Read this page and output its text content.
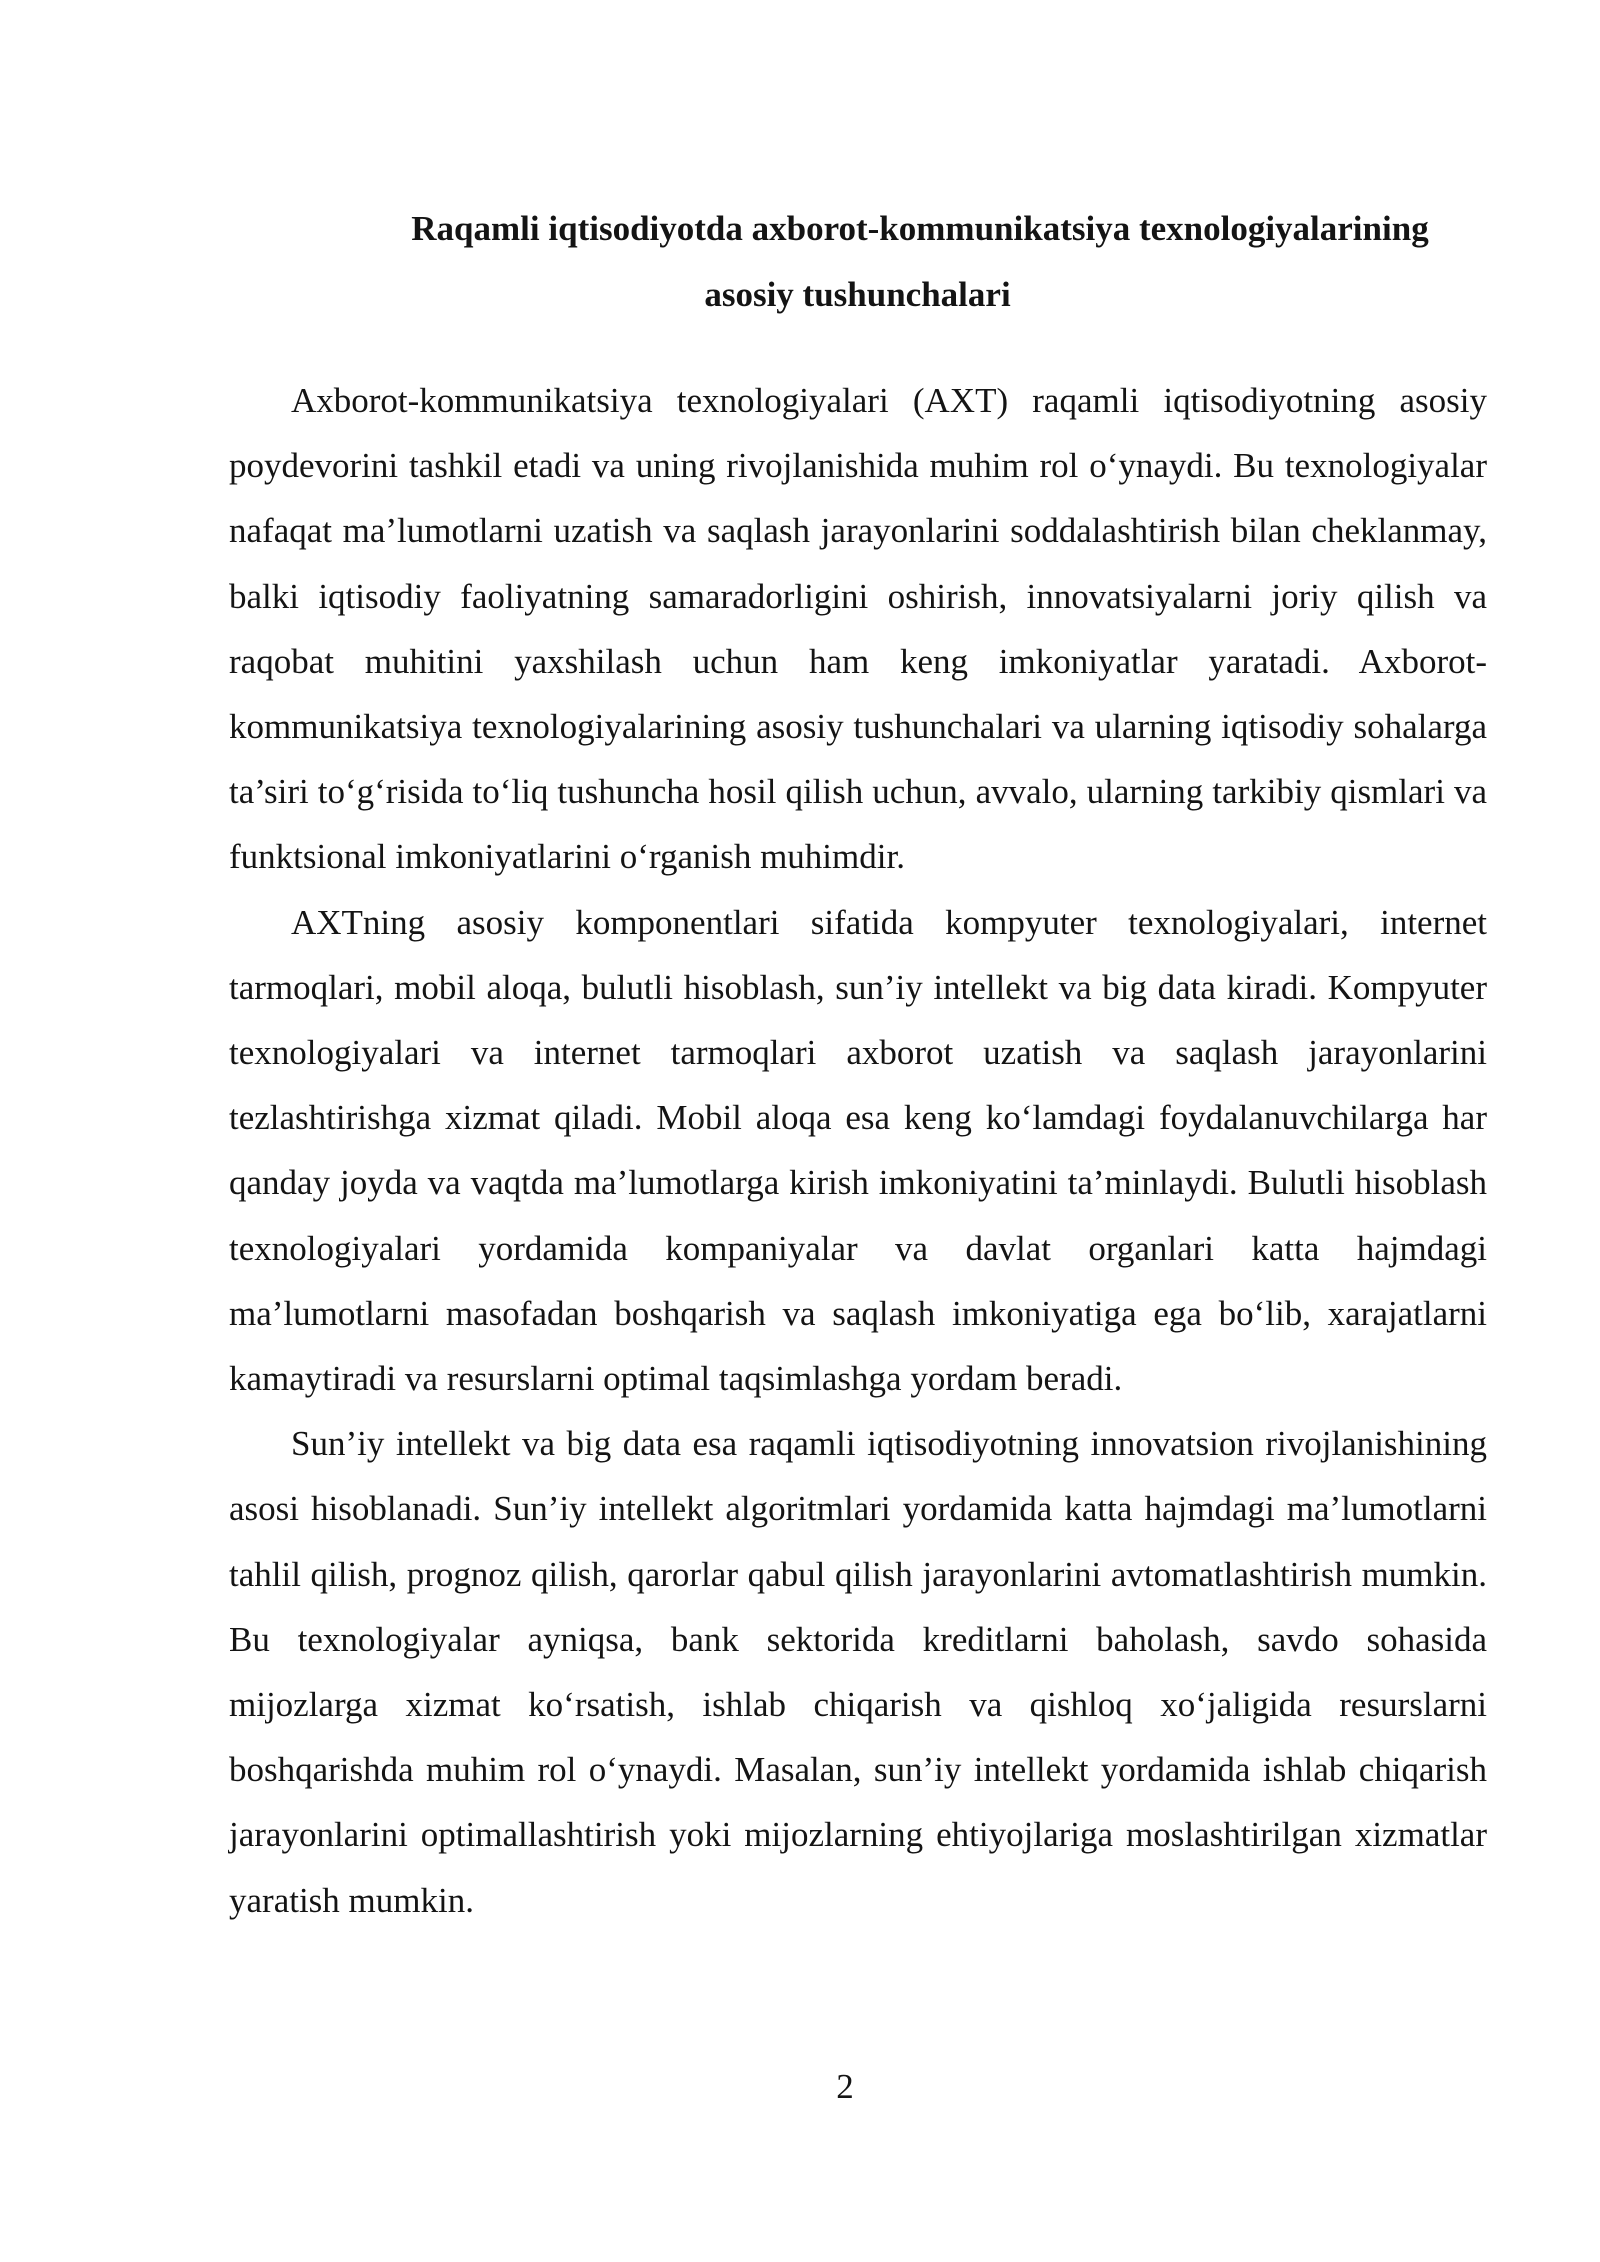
Raqamli iqtisodiyotda axborot-kommunikatsiya texnologiyalarining
asosiy tushunchalari

Axborot-kommunikatsiya texnologiyalari (AXT) raqamli iqtisodiyotning asosiy poydevorini tashkil etadi va uning rivojlanishida muhim rol o‘ynaydi. Bu texnologiyalar nafaqat ma’lumotlarni uzatish va saqlash jarayonlarini soddalashtirish bilan cheklanmay, balki iqtisodiy faoliyatning samaradorligini oshirish, innovatsiyalarni joriy qilish va raqobat muhitini yaxshilash uchun ham keng imkoniyatlar yaratadi. Axborot-kommunikatsiya texnologiyalarining asosiy tushunchalari va ularning iqtisodiy sohalarga ta’siri to‘g‘risida to‘liq tushuncha hosil qilish uchun, avvalo, ularning tarkibiy qismlari va funktsional imkoniyatlarini o‘rganish muhimdir.

AXTning asosiy komponentlari sifatida kompyuter texnologiyalari, internet tarmoqlari, mobil aloqa, bulutli hisoblash, sun’iy intellekt va big data kiradi. Kompyuter texnologiyalari va internet tarmoqlari axborot uzatish va saqlash jarayonlarini tezlashtirishga xizmat qiladi. Mobil aloqa esa keng ko‘lamdagi foydalanuvchilarga har qanday joyda va vaqtda ma’lumotlarga kirish imkoniyatini ta’minlaydi. Bulutli hisoblash texnologiyalari yordamida kompaniyalar va davlat organlari katta hajmdagi ma’lumotlarni masofadan boshqarish va saqlash imkoniyatiga ega bo‘lib, xarajatlarni kamaytiradi va resurslarni optimal taqsimlashga yordam beradi.

Sun’iy intellekt va big data esa raqamli iqtisodiyotning innovatsion rivojlanishining asosi hisoblanadi. Sun’iy intellekt algoritmlari yordamida katta hajmdagi ma’lumotlarni tahlil qilish, prognoz qilish, qarorlar qabul qilish jarayonlarini avtomatlashtirish mumkin. Bu texnologiyalar ayniqsa, bank sektorida kreditlarni baholash, savdo sohasida mijozlarga xizmat ko‘rsatish, ishlab chiqarish va qishloq xo‘jaligida resurslarni boshqarishda muhim rol o‘ynaydi. Masalan, sun’iy intellekt yordamida ishlab chiqarish jarayonlarini optimallashtirish yoki mijozlarning ehtiyojlariga moslashtirilgan xizmatlar yaratish mumkin.

2
